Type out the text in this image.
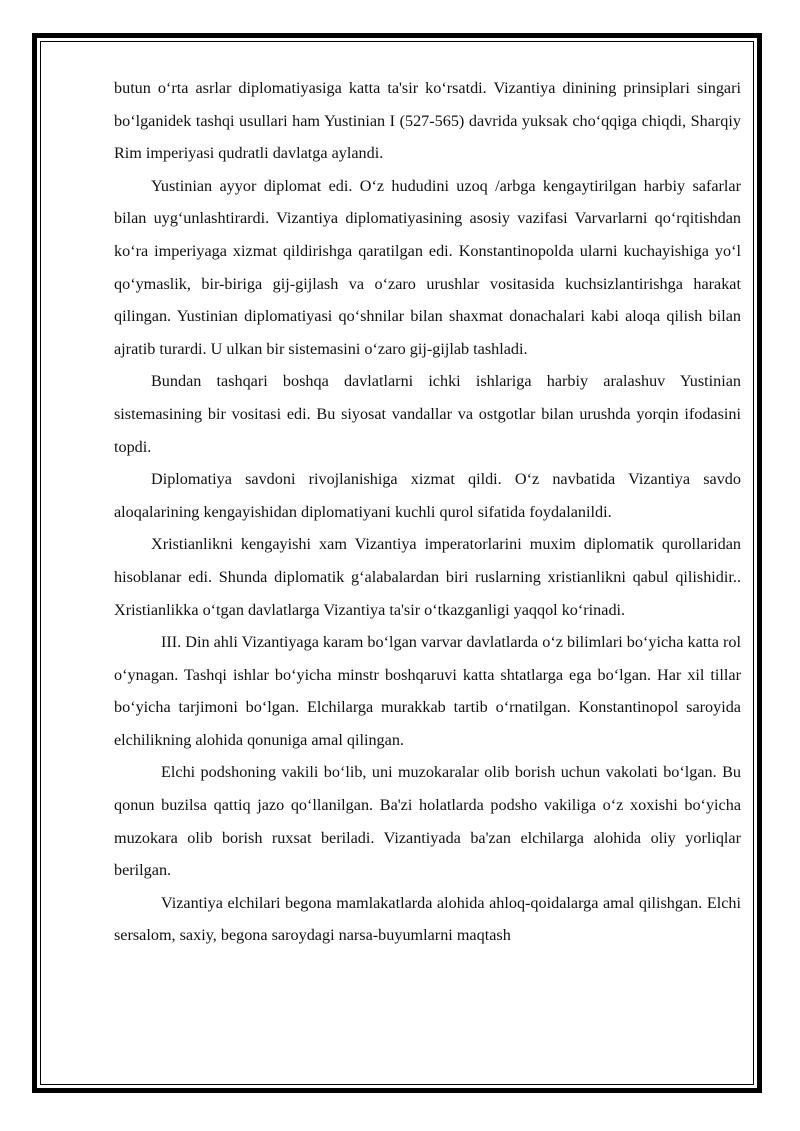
butun o‘rta asrlar diplomatiyasiga katta ta'sir ko‘rsatdi. Vizantiya dinining prinsiplari singari bo‘lganidek tashqi usullari ham Yustinian I (527-565) davrida yuksak cho‘qqiga chiqdi, Sharqiy Rim imperiyasi qudratli davlatga aylandi.

Yustinian ayyor diplomat edi. O‘z hududini uzoq /arbga kengaytirilgan harbiy safarlar bilan uyg‘unlashtirardi. Vizantiya diplomatiyasining asosiy vazifasi Varvarlarni qo‘rqitishdan ko‘ra imperiyaga xizmat qildirishga qaratilgan edi. Konstantinopolda ularni kuchayishiga yo‘l qo‘ymaslik, bir-biriga gij-gijlash va o‘zaro urushlar vositasida kuchsizlantirishga harakat qilingan. Yustinian diplomatiyasi qo‘shnilar bilan shaxmat donachalari kabi aloqa qilish bilan ajratib turardi. U ulkan bir sistemasini o‘zaro gij-gijlab tashladi.

Bundan tashqari boshqa davlatlarni ichki ishlariga harbiy aralashuv Yustinian sistemasining bir vositasi edi. Bu siyosat vandallar va ostgotlar bilan urushda yorqin ifodasini topdi.

Diplomatiya savdoni rivojlanishiga xizmat qildi. O‘z navbatida Vizantiya savdo aloqalarining kengayishidan diplomatiyani kuchli qurol sifatida foydalanildi.

Xristianlikni kengayishi xam Vizantiya imperatorlarini muxim diplomatik qurollaridan hisoblanar edi. Shunda diplomatik g‘alabalardan biri ruslarning xristianlikni qabul qilishidir.. Xristianlikka o‘tgan davlatlarga Vizantiya ta'sir o‘tkazganligi yaqqol ko‘rinadi.

III. Din ahli Vizantiyaga karam bo‘lgan varvar davlatlarda o‘z bilimlari bo‘yicha katta rol o‘ynagan. Tashqi ishlar bo‘yicha minstr boshqaruvi katta shtatlarga ega bo‘lgan. Har xil tillar bo‘yicha tarjimoni bo‘lgan. Elchilarga murakkab tartib o‘rnatilgan. Konstantinopol saroyida elchilikning alohida qonuniga amal qilingan.

Elchi podshoning vakili bo‘lib, uni muzokaralar olib borish uchun vakolati bo‘lgan. Bu qonun buzilsa qattiq jazo qo‘llanilgan. Ba'zi holatlarda podsho vakiliga o‘z xoxishi bo‘yicha muzokara olib borish ruxsat beriladi. Vizantiyada ba'zan elchilarga alohida oliy yorliqlar berilgan.

Vizantiya elchilari begona mamlakatlarda alohida ahloq-qoidalarga amal qilishgan. Elchi sersalom, saxiy, begona saroydagi narsa-buyumlarni maqtash
